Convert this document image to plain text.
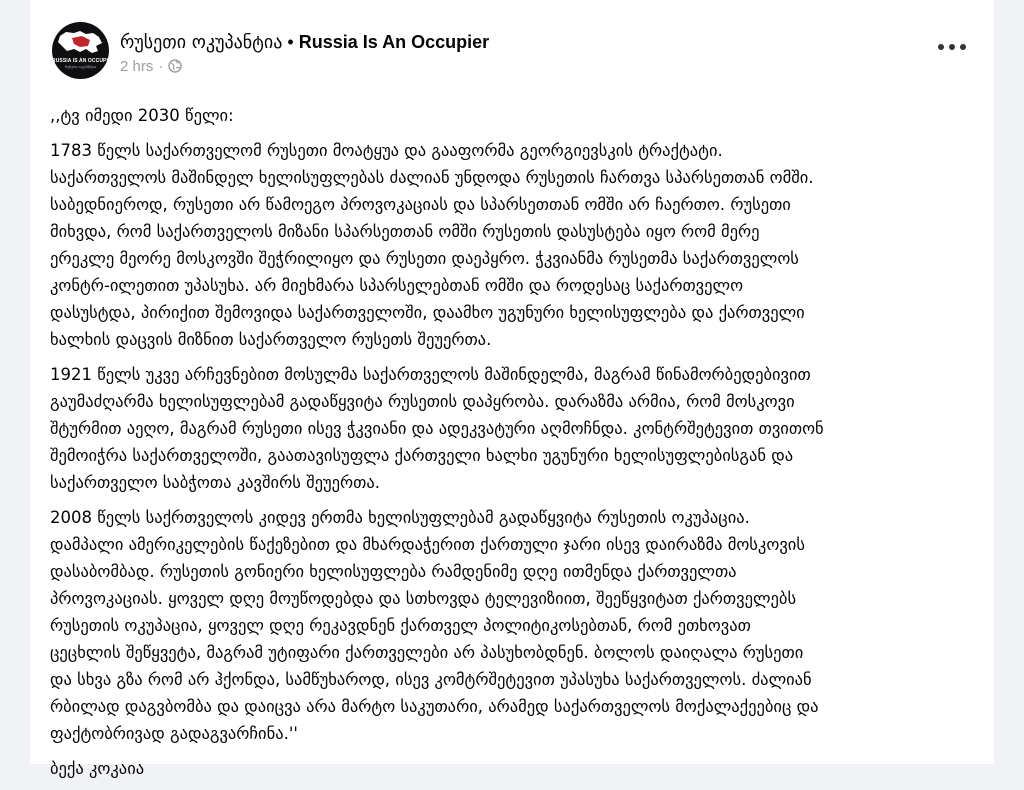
RUSSIA IS AN OCCUPIER
რუსეთი ოკუპანტია
რუსეთი ოკუპანტია • Russia Is An Occupier
2 hrs ·

,,ტვ იმედი 2030 წელი:

1783 წელს საქართველომ რუსეთი მოატყუა და გააფორმა გეორგიევსკის ტრაქტატი.
საქართველოს მაშინდელ ხელისუფლებას ძალიან უნდოდა რუსეთის ჩართვა სპარსეთთან ომში.
საბედნიეროდ, რუსეთი არ წამოეგო პროვოკაციას და სპარსეთთან ომში არ ჩაერთო. რუსეთი
მიხვდა, რომ საქართველოს მიზანი სპარსეთთან ომში რუსეთის დასუსტება იყო რომ მერე
ერეკლე მეორე მოსკოვში შეჭრილიყო და რუსეთი დაეპყრო. ჭკვიანმა რუსეთმა საქართველოს
კონტრ-ილეთით უპასუხა. არ მიეხმარა სპარსელებთან ომში და როდესაც საქართველო
დასუსტდა, პირიქით შემოვიდა საქართველოში, დაამხო უგუნური ხელისუფლება და ქართველი
ხალხის დაცვის მიზნით საქართველო რუსეთს შეუერთა.

1921 წელს უკვე არჩევნებით მოსულმა საქართველოს მაშინდელმა, მაგრამ წინამორბედებივით
გაუმაძღარმა ხელისუფლებამ გადაწყვიტა რუსეთის დაპყრობა. დარაზმა არმია, რომ მოსკოვი
შტურმით აეღო, მაგრამ რუსეთი ისევ ჭკვიანი და ადეკვატური აღმოჩნდა. კონტრშეტევით თვითონ
შემოიჭრა საქართველოში, გაათავისუფლა ქართველი ხალხი უგუნური ხელისუფლებისგან და
საქართველო საბჭოთა კავშირს შეუერთა.

2008 წელს საქრთველოს კიდევ ერთმა ხელისუფლებამ გადაწყვიტა რუსეთის ოკუპაცია.
დამპალი ამერიკელების წაქეზებით და მხარდაჭერით ქართული ჯარი ისევ დაირაზმა მოსკოვის
დასაბომბად. რუსეთის გონიერი ხელისუფლება რამდენიმე დღე ითმენდა ქართველთა
პროვოკაციას. ყოველ დღე მოუწოდებდა და სთხოვდა ტელევიზიით, შეეწყვიტათ ქართველებს
რუსეთის ოკუპაცია, ყოველ დღე რეკავდნენ ქართველ პოლიტიკოსებთან, რომ ეთხოვათ
ცეცხლის შეწყვეტა, მაგრამ უტიფარი ქართველები არ პასუხობდნენ. ბოლოს დაიღალა რუსეთი
და სხვა გზა რომ არ ჰქონდა, სამწუხაროდ, ისევ კომტრშეტევით უპასუხა საქართველოს. ძალიან
რბილად დაგვბომბა და დაიცვა არა მარტო საკუთარი, არამედ საქართველოს მოქალაქეებიც და
ფაქტობრივად გადაგვარჩინა.''

ბექა კოკაია
